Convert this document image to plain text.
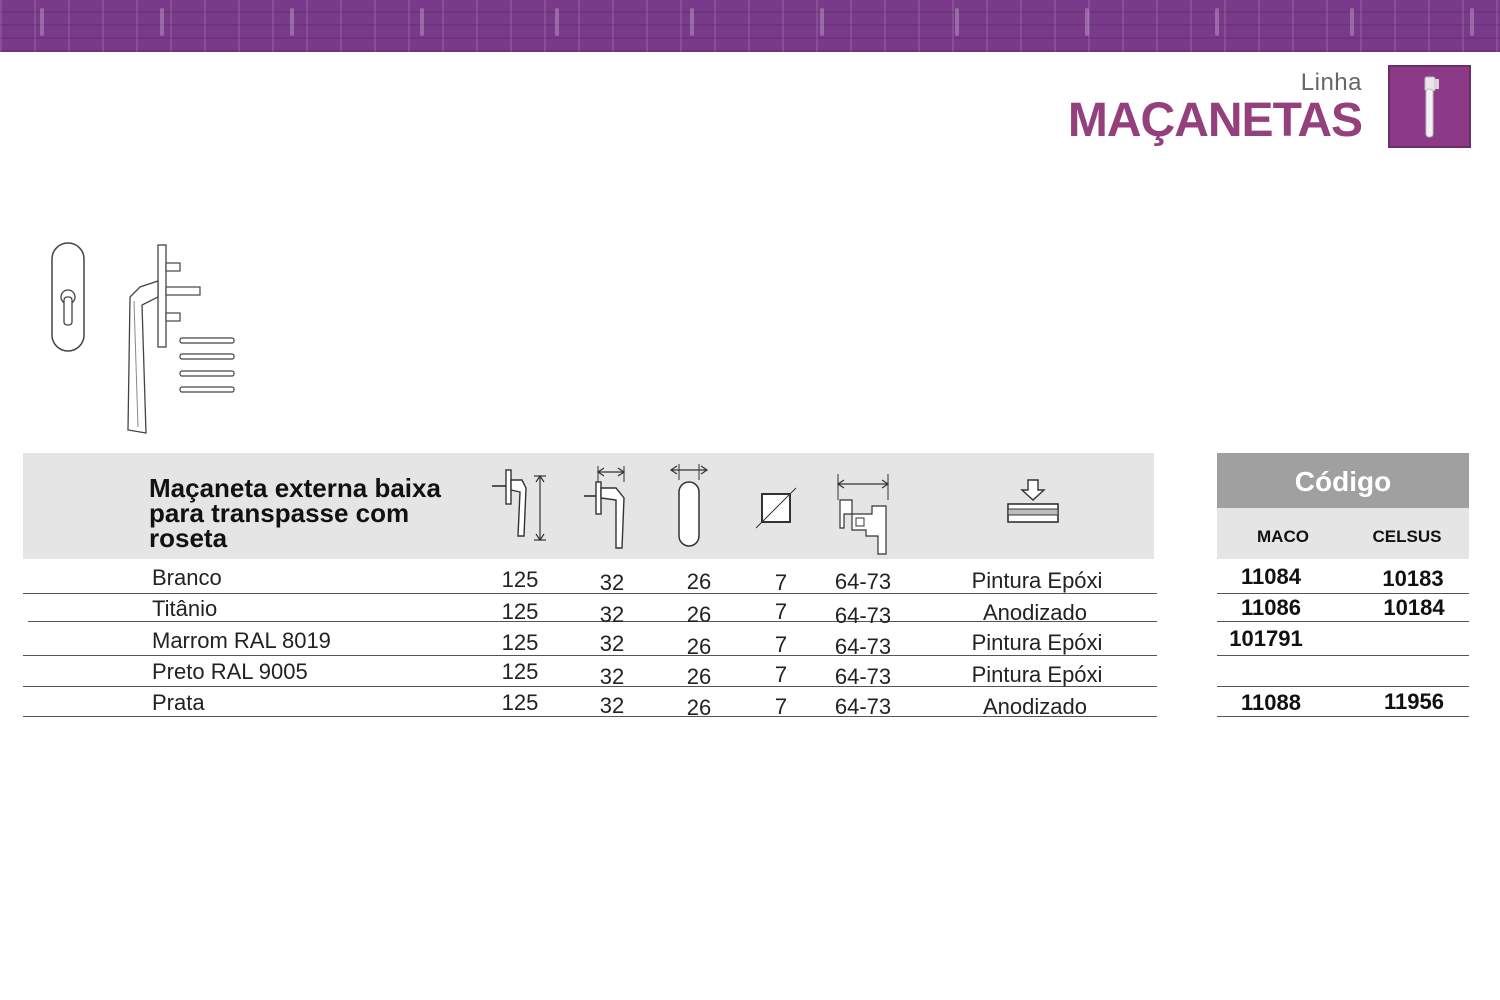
Linha
MAÇANETAS
Maçaneta externa baixa
para transpasse com
roseta
Código
MACO	CELSUS
Branco	125	32	26	7 64-73	Pintura Epóxi	11084	10183
Titânio	125	32	26	7 64-73	Anodizado	11086	10184
Marrom RAL 8019	125	32	26	7 64-73	Pintura Epóxi	101791
Preto RAL 9005	125	32	26	7 64-73	Pintura Epóxi
Prata	125	32	26	7 64-73	Anodizado	11088	11956
